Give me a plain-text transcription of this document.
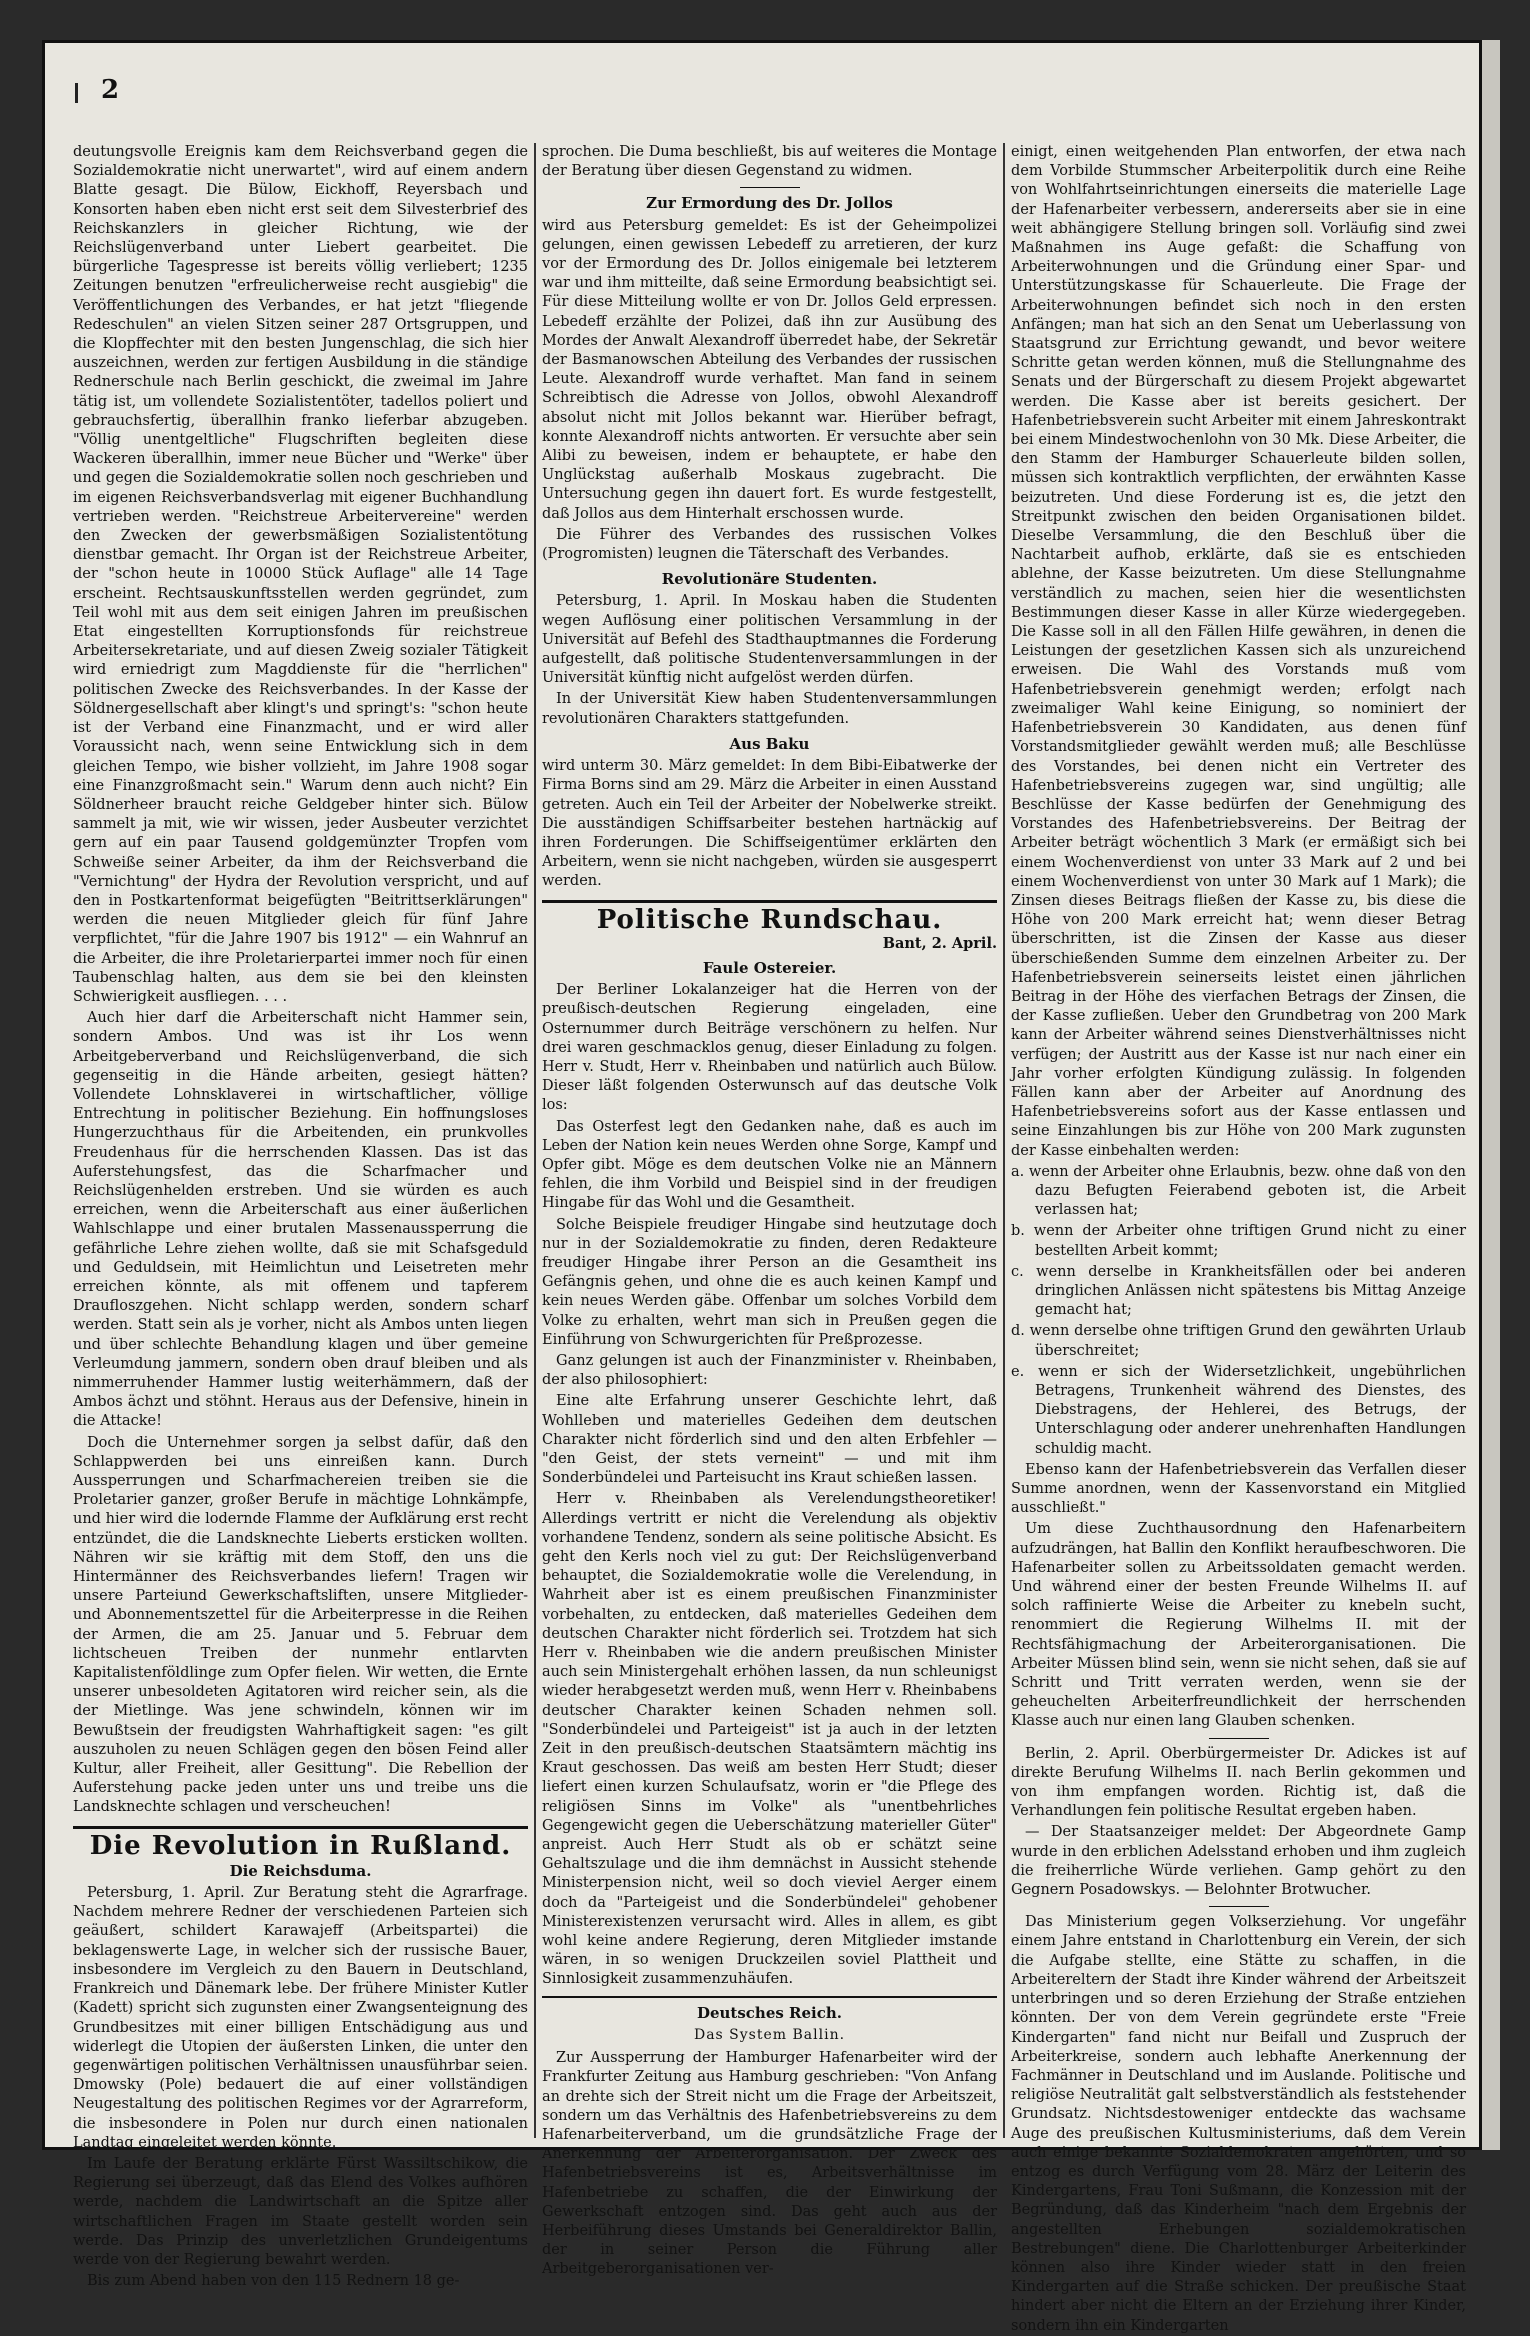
2

deutungsvolle Ereignis kam dem Reichsverband gegen die Sozialdemokratie nicht unerwartet", wird auf einem andern Blatte gesagt. Die Bülow, Eickhoff, Reyersbach und Konsorten haben eben nicht erst seit dem Silvesterbrief des Reichskanzlers in gleicher Richtung, wie der Reichslügenverband unter Liebert gearbeitet. Die bürgerliche Tagespresse ist bereits völlig verliebert; 1235 Zeitungen benutzen "erfreulicherweise recht ausgiebig" die Veröffentlichungen des Verbandes, er hat jetzt "fliegende Redeschulen" an vielen Sitzen seiner 287 Ortsgruppen, und die Klopffechter mit den besten Jungenschlag, die sich hier auszeichnen, werden zur fertigen Ausbildung in die ständige Rednerschule nach Berlin geschickt, die zweimal im Jahre tätig ist, um vollendete Sozialistentöter, tadellos poliert und gebrauchsfertig, überallhin franko lieferbar abzugeben. "Völlig unentgeltliche" Flugschriften begleiten diese Wackeren überallhin, immer neue Bücher und "Werke" über und gegen die Sozialdemokratie sollen noch geschrieben und im eigenen Reichsverbandsverlag mit eigener Buchhandlung vertrieben werden. "Reichstreue Arbeitervereine" werden den Zwecken der gewerbsmäßigen Sozialistentötung dienstbar gemacht. Ihr Organ ist der Reichstreue Arbeiter, der "schon heute in 10000 Stück Auflage" alle 14 Tage erscheint. Rechtsauskunftsstellen werden gegründet, zum Teil wohl mit aus dem seit einigen Jahren im preußischen Etat eingestellten Korruptionsfonds für reichstreue Arbeitersekretariate, und auf diesen Zweig sozialer Tätigkeit wird erniedrigt zum Magddienste für die "herrlichen" politischen Zwecke des Reichsverbandes. In der Kasse der Söldnergesellschaft aber klingt's und springt's: "schon heute ist der Verband eine Finanzmacht, und er wird aller Voraussicht nach, wenn seine Entwicklung sich in dem gleichen Tempo, wie bisher vollzieht, im Jahre 1908 sogar eine Finanzgroßmacht sein." Warum denn auch nicht? Ein Söldnerheer braucht reiche Geldgeber hinter sich. Bülow sammelt ja mit, wie wir wissen, jeder Ausbeuter verzichtet gern auf ein paar Tausend goldgemünzter Tropfen vom Schweiße seiner Arbeiter, da ihm der Reichsverband die "Vernichtung" der Hydra der Revolution verspricht, und auf den in Postkartenformat beigefügten "Beitrittserklärungen" werden die neuen Mitglieder gleich für fünf Jahre verpflichtet, "für die Jahre 1907 bis 1912" — ein Wahnruf an die Arbeiter, die ihre Proletarierpartei immer noch für einen Taubenschlag halten, aus dem sie bei den kleinsten Schwierigkeit ausfliegen. . . .

Auch hier darf die Arbeiterschaft nicht Hammer sein, sondern Ambos. Und was ist ihr Los wenn Arbeitgeberverband und Reichslügenverband, die sich gegenseitig in die Hände arbeiten, gesiegt hätten? Vollendete Lohnsklaverei in wirtschaftlicher, völlige Entrechtung in politischer Beziehung. Ein hoffnungsloses Hungerzuchthaus für die Arbeitenden, ein prunkvolles Freudenhaus für die herrschenden Klassen. Das ist das Auferstehungsfest, das die Scharfmacher und Reichslügenhelden erstreben. Und sie würden es auch erreichen, wenn die Arbeiterschaft aus einer äußerlichen Wahlschlappe und einer brutalen Massenaussperrung die gefährliche Lehre ziehen wollte, daß sie mit Schafsgeduld und Geduldsein, mit Heimlichtun und Leisetreten mehr erreichen könnte, als mit offenem und tapferem Draufloszgehen. Nicht schlapp werden, sondern scharf werden. Statt sein als je vorher, nicht als Ambos unten liegen und über schlechte Behandlung klagen und über gemeine Verleumdung jammern, sondern oben drauf bleiben und als nimmerruhender Hammer lustig weiterhämmern, daß der Ambos ächzt und stöhnt. Heraus aus der Defensive, hinein in die Attacke!

Doch die Unternehmer sorgen ja selbst dafür, daß den Schlappwerden bei uns einreißen kann. Durch Aussperrungen und Scharfmachereien treiben sie die Proletarier ganzer, großer Berufe in mächtige Lohnkämpfe, und hier wird die lodernde Flamme der Aufklärung erst recht entzündet, die die Landsknechte Lieberts ersticken wollten. Nähren wir sie kräftig mit dem Stoff, den uns die Hintermänner des Reichsverbandes liefern! Tragen wir unsere Parteiund Gewerkschaftsliften, unsere Mitglieder- und Abonnementszettel für die Arbeiterpresse in die Reihen der Armen, die am 25. Januar und 5. Februar dem lichtscheuen Treiben der nunmehr entlarvten Kapitalistenföldlinge zum Opfer fielen. Wir wetten, die Ernte unserer unbesoldeten Agitatoren wird reicher sein, als die der Mietlinge. Was jene schwindeln, können wir im Bewußtsein der freudigsten Wahrhaftigkeit sagen: "es gilt auszuholen zu neuen Schlägen gegen den bösen Feind aller Kultur, aller Freiheit, aller Gesittung". Die Rebellion der Auferstehung packe jeden unter uns und treibe uns die Landsknechte schlagen und verscheuchen!

Die Revolution in Rußland.
Die Reichsduma.

Petersburg, 1. April. Zur Beratung steht die Agrarfrage. Nachdem mehrere Redner der verschiedenen Parteien sich geäußert, schildert Karawajeff (Arbeitspartei) die beklagenswerte Lage, in welcher sich der russische Bauer, insbesondere im Vergleich zu den Bauern in Deutschland, Frankreich und Dänemark lebe. Der frühere Minister Kutler (Kadett) spricht sich zugunsten einer Zwangsenteignung des Grundbesitzes mit einer billigen Entschädigung aus und widerlegt die Utopien der äußersten Linken, die unter den gegenwärtigen politischen Verhältnissen unausführbar seien. Dmowsky (Pole) bedauert die auf einer vollständigen Neugestaltung des politischen Regimes vor der Agrarreform, die insbesondere in Polen nur durch einen nationalen Landtag eingeleitet werden könnte.

Im Laufe der Beratung erklärte Fürst Wassiltschikow, die Regierung sei überzeugt, daß das Elend des Volkes aufhören werde, nachdem die Landwirtschaft an die Spitze aller wirtschaftlichen Fragen im Staate gestellt worden sein werde. Das Prinzip des unverletzlichen Grundeigentums werde von der Regierung bewahrt werden.

Bis zum Abend haben von den 115 Rednern 18 ge-

sprochen. Die Duma beschließt, bis auf weiteres die Montage der Beratung über diesen Gegenstand zu widmen.

Zur Ermordung des Dr. Jollos

wird aus Petersburg gemeldet: Es ist der Geheimpolizei gelungen, einen gewissen Lebedeff zu arretieren, der kurz vor der Ermordung des Dr. Jollos einigemale bei letzterem war und ihm mitteilte, daß seine Ermordung beabsichtigt sei. Für diese Mitteilung wollte er von Dr. Jollos Geld erpressen. Lebedeff erzählte der Polizei, daß ihn zur Ausübung des Mordes der Anwalt Alexandroff überredet habe, der Sekretär der Basmanowschen Abteilung des Verbandes der russischen Leute. Alexandroff wurde verhaftet. Man fand in seinem Schreibtisch die Adresse von Jollos, obwohl Alexandroff absolut nicht mit Jollos bekannt war. Hierüber befragt, konnte Alexandroff nichts antworten. Er versuchte aber sein Alibi zu beweisen, indem er behauptete, er habe den Unglückstag außerhalb Moskaus zugebracht. Die Untersuchung gegen ihn dauert fort. Es wurde festgestellt, daß Jollos aus dem Hinterhalt erschossen wurde.

Die Führer des Verbandes des russischen Volkes (Progromisten) leugnen die Täterschaft des Verbandes.

Revolutionäre Studenten.

Petersburg, 1. April. In Moskau haben die Studenten wegen Auflösung einer politischen Versammlung in der Universität auf Befehl des Stadthauptmannes die Forderung aufgestellt, daß politische Studentenversammlungen in der Universität künftig nicht aufgelöst werden dürfen.

In der Universität Kiew haben Studentenversammlungen revolutionären Charakters stattgefunden.

Aus Baku

wird unterm 30. März gemeldet: In dem Bibi-Eibatwerke der Firma Borns sind am 29. März die Arbeiter in einen Ausstand getreten. Auch ein Teil der Arbeiter der Nobelwerke streikt. Die ausständigen Schiffsarbeiter bestehen hartnäckig auf ihren Forderungen. Die Schiffseigentümer erklärten den Arbeitern, wenn sie nicht nachgeben, würden sie ausgesperrt werden.

Politische Rundschau.
Bant, 2. April.
Faule Ostereier.

Der Berliner Lokalanzeiger hat die Herren von der preußisch-deutschen Regierung eingeladen, eine Osternummer durch Beiträge verschönern zu helfen. Nur drei waren geschmacklos genug, dieser Einladung zu folgen. Herr v. Studt, Herr v. Rheinbaben und natürlich auch Bülow. Dieser läßt folgenden Osterwunsch auf das deutsche Volk los:

Das Osterfest legt den Gedanken nahe, daß es auch im Leben der Nation kein neues Werden ohne Sorge, Kampf und Opfer gibt. Möge es dem deutschen Volke nie an Männern fehlen, die ihm Vorbild und Beispiel sind in der freudigen Hingabe für das Wohl und die Gesamtheit.

Solche Beispiele freudiger Hingabe sind heutzutage doch nur in der Sozialdemokratie zu finden, deren Redakteure freudiger Hingabe ihrer Person an die Gesamtheit ins Gefängnis gehen, und ohne die es auch keinen Kampf und kein neues Werden gäbe. Offenbar um solches Vorbild dem Volke zu erhalten, wehrt man sich in Preußen gegen die Einführung von Schwurgerichten für Preßprozesse.

Ganz gelungen ist auch der Finanzminister v. Rheinbaben, der also philosophiert:

Eine alte Erfahrung unserer Geschichte lehrt, daß Wohlleben und materielles Gedeihen dem deutschen Charakter nicht förderlich sind und den alten Erbfehler — "den Geist, der stets verneint" — und mit ihm Sonderbündelei und Parteisucht ins Kraut schießen lassen.

Herr v. Rheinbaben als Verelendungstheoretiker! Allerdings vertritt er nicht die Verelendung als objektiv vorhandene Tendenz, sondern als seine politische Absicht. Es geht den Kerls noch viel zu gut: Der Reichslügenverband behauptet, die Sozialdemokratie wolle die Verelendung, in Wahrheit aber ist es einem preußischen Finanzminister vorbehalten, zu entdecken, daß materielles Gedeihen dem deutschen Charakter nicht förderlich sei. Trotzdem hat sich Herr v. Rheinbaben wie die andern preußischen Minister auch sein Ministergehalt erhöhen lassen, da nun schleunigst wieder herabgesetzt werden muß, wenn Herr v. Rheinbabens deutscher Charakter keinen Schaden nehmen soll. "Sonderbündelei und Parteigeist" ist ja auch in der letzten Zeit in den preußisch-deutschen Staatsämtern mächtig ins Kraut geschossen. Das weiß am besten Herr Studt; dieser liefert einen kurzen Schulaufsatz, worin er "die Pflege des religiösen Sinns im Volke" als "unentbehrliches Gegengewicht gegen die Ueberschätzung materieller Güter" anpreist. Auch Herr Studt als ob er schätzt seine Gehaltszulage und die ihm demnächst in Aussicht stehende Ministerpension nicht, weil so doch vieviel Aerger einem doch da "Parteigeist und die Sonderbündelei" gehobener Ministerexistenzen verursacht wird. Alles in allem, es gibt wohl keine andere Regierung, deren Mitglieder imstande wären, in so wenigen Druckzeilen soviel Plattheit und Sinnlosigkeit zusammenzuhäufen.

Deutsches Reich.
Das System Ballin.

Zur Aussperrung der Hamburger Hafenarbeiter wird der Frankfurter Zeitung aus Hamburg geschrieben: "Von Anfang an drehte sich der Streit nicht um die Frage der Arbeitszeit, sondern um das Verhältnis des Hafenbetriebsvereins zu dem Hafenarbeiterverband, um die grundsätzliche Frage der Anerkennung der Arbeiterorganisation. Der Zweck des Hafenbetriebsvereins ist es, Arbeitsverhältnisse im Hafenbetriebe zu schaffen, die der Einwirkung der Gewerkschaft entzogen sind. Das geht auch aus der Herbeiführung dieses Umstands bei Generaldirektor Ballin, der in seiner Person die Führung aller Arbeitgeberorganisationen ver-

einigt, einen weitgehenden Plan entworfen, der etwa nach dem Vorbilde Stummscher Arbeiterpolitik durch eine Reihe von Wohlfahrtseinrichtungen einerseits die materielle Lage der Hafenarbeiter verbessern, andererseits aber sie in eine weit abhängigere Stellung bringen soll. Vorläufig sind zwei Maßnahmen ins Auge gefaßt: die Schaffung von Arbeiterwohnungen und die Gründung einer Spar- und Unterstützungskasse für Schauerleute. Die Frage der Arbeiterwohnungen befindet sich noch in den ersten Anfängen; man hat sich an den Senat um Ueberlassung von Staatsgrund zur Errichtung gewandt, und bevor weitere Schritte getan werden können, muß die Stellungnahme des Senats und der Bürgerschaft zu diesem Projekt abgewartet werden. Die Kasse aber ist bereits gesichert. Der Hafenbetriebsverein sucht Arbeiter mit einem Jahreskontrakt bei einem Mindestwochenlohn von 30 Mk. Diese Arbeiter, die den Stamm der Hamburger Schauerleute bilden sollen, müssen sich kontraktlich verpflichten, der erwähnten Kasse beizutreten. Und diese Forderung ist es, die jetzt den Streitpunkt zwischen den beiden Organisationen bildet. Dieselbe Versammlung, die den Beschluß über die Nachtarbeit aufhob, erklärte, daß sie es entschieden ablehne, der Kasse beizutreten. Um diese Stellungnahme verständlich zu machen, seien hier die wesentlichsten Bestimmungen dieser Kasse in aller Kürze wiedergegeben. Die Kasse soll in all den Fällen Hilfe gewähren, in denen die Leistungen der gesetzlichen Kassen sich als unzureichend erweisen. Die Wahl des Vorstands muß vom Hafenbetriebsverein genehmigt werden; erfolgt nach zweimaliger Wahl keine Einigung, so nominiert der Hafenbetriebsverein 30 Kandidaten, aus denen fünf Vorstandsmitglieder gewählt werden muß; alle Beschlüsse des Vorstandes, bei denen nicht ein Vertreter des Hafenbetriebsvereins zugegen war, sind ungültig; alle Beschlüsse der Kasse bedürfen der Genehmigung des Vorstandes des Hafenbetriebsvereins. Der Beitrag der Arbeiter beträgt wöchentlich 3 Mark (er ermäßigt sich bei einem Wochenverdienst von unter 33 Mark auf 2 und bei einem Wochenverdienst von unter 30 Mark auf 1 Mark); die Zinsen dieses Beitrags fließen der Kasse zu, bis diese die Höhe von 200 Mark erreicht hat; wenn dieser Betrag überschritten, ist die Zinsen der Kasse aus dieser überschießenden Summe dem einzelnen Arbeiter zu. Der Hafenbetriebsverein seinerseits leistet einen jährlichen Beitrag in der Höhe des vierfachen Betrags der Zinsen, die der Kasse zufließen. Ueber den Grundbetrag von 200 Mark kann der Arbeiter während seines Dienstverhältnisses nicht verfügen; der Austritt aus der Kasse ist nur nach einer ein Jahr vorher erfolgten Kündigung zulässig. In folgenden Fällen kann aber der Arbeiter auf Anordnung des Hafenbetriebsvereins sofort aus der Kasse entlassen und seine Einzahlungen bis zur Höhe von 200 Mark zugunsten der Kasse einbehalten werden:

a. wenn der Arbeiter ohne Erlaubnis, bezw. ohne daß von den dazu Befugten Feierabend geboten ist, die Arbeit verlassen hat;

b. wenn der Arbeiter ohne triftigen Grund nicht zu einer bestellten Arbeit kommt;

c. wenn derselbe in Krankheitsfällen oder bei anderen dringlichen Anlässen nicht spätestens bis Mittag Anzeige gemacht hat;

d. wenn derselbe ohne triftigen Grund den gewährten Urlaub überschreitet;

e. wenn er sich der Widersetzlichkeit, ungebührlichen Betragens, Trunkenheit während des Dienstes, des Diebstragens, der Hehlerei, des Betrugs, der Unterschlagung oder anderer unehrenhaften Handlungen schuldig macht.

Ebenso kann der Hafenbetriebsverein das Verfallen dieser Summe anordnen, wenn der Kassenvorstand ein Mitglied ausschließt."

Um diese Zuchthausordnung den Hafenarbeitern aufzudrängen, hat Ballin den Konflikt heraufbeschworen. Die Hafenarbeiter sollen zu Arbeitssoldaten gemacht werden. Und während einer der besten Freunde Wilhelms II. auf solch raffinierte Weise die Arbeiter zu knebeln sucht, renommiert die Regierung Wilhelms II. mit der Rechtsfähigmachung der Arbeiterorganisationen. Die Arbeiter Müssen blind sein, wenn sie nicht sehen, daß sie auf Schritt und Tritt verraten werden, wenn sie der geheuchelten Arbeiterfreundlichkeit der herrschenden Klasse auch nur einen lang Glauben schenken.

Berlin, 2. April. Oberbürgermeister Dr. Adickes ist auf direkte Berufung Wilhelms II. nach Berlin gekommen und von ihm empfangen worden. Richtig ist, daß die Verhandlungen fein politische Resultat ergeben haben.

— Der Staatsanzeiger meldet: Der Abgeordnete Gamp wurde in den erblichen Adelsstand erhoben und ihm zugleich die freiherrliche Würde verliehen. Gamp gehört zu den Gegnern Posadowskys. — Belohnter Brotwucher.

Das Ministerium gegen Volkserziehung. Vor ungefähr einem Jahre entstand in Charlottenburg ein Verein, der sich die Aufgabe stellte, eine Stätte zu schaffen, in die Arbeitereltern der Stadt ihre Kinder während der Arbeitszeit unterbringen und so deren Erziehung der Straße entziehen könnten. Der von dem Verein gegründete erste "Freie Kindergarten" fand nicht nur Beifall und Zuspruch der Arbeiterkreise, sondern auch lebhafte Anerkennung der Fachmänner in Deutschland und im Auslande. Politische und religiöse Neutralität galt selbstverständlich als feststehender Grundsatz. Nichtsdestoweniger entdeckte das wachsame Auge des preußischen Kultusministeriums, daß dem Verein auch einige bekannte Sozialdemokraten angehörten, und so entzog es durch Verfügung vom 28. März der Leiterin des Kindergartens, Frau Toni Sußmann, die Konzession mit der Begründung, daß das Kinderheim "nach dem Ergebnis der angestellten Erhebungen sozialdemokratischen Bestrebungen" diene. Die Charlottenburger Arbeiterkinder können also ihre Kinder wieder statt in den freien Kindergarten auf die Straße schicken. Der preußische Staat hindert aber nicht die Eltern an der Erziehung ihrer Kinder, sondern ihn ein Kindergarten
